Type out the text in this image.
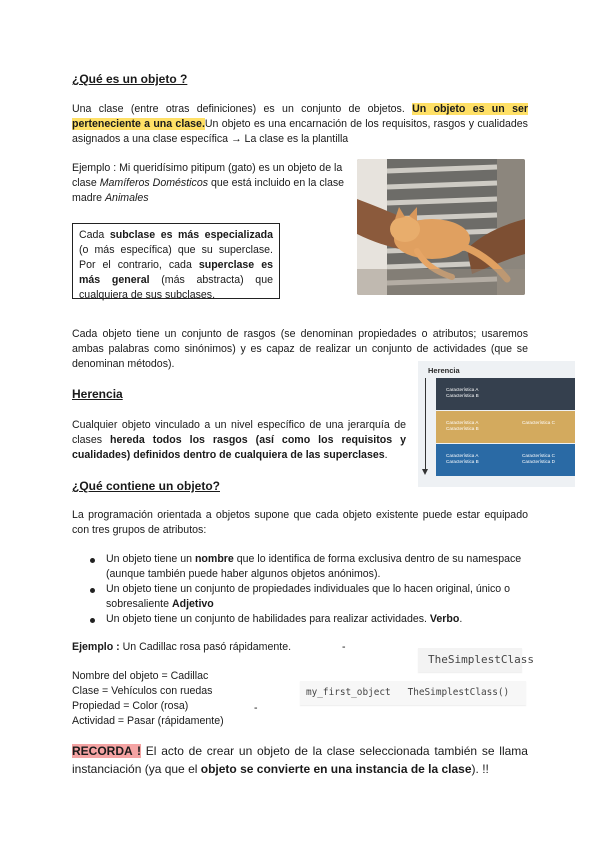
¿Qué es un objeto ?

Una clase (entre otras definiciones) es un conjunto de objetos. Un objeto es un ser perteneciente a una clase.Un objeto es una encarnación de los requisitos, rasgos y cualidades asignados a una clase específica → La clase es la plantilla

Ejemplo : Mi queridísimo pitipum (gato) es un objeto de la clase Mamíferos Domésticos que está incluido en la clase madre Animales

Cada subclase es más especializada (o más específica) que su superclase. Por el contrario, cada superclase es más general (más abstracta) que cualquiera de sus subclases.

Cada objeto tiene un conjunto de rasgos (se denominan propiedades o atributos; usaremos ambas palabras como sinónimos) y es capaz de realizar un conjunto de actividades (que se denominan métodos).

Herencia
Característica A
Característica B
Característica A
Característica B
Característica C
Característica A
Característica B
Característica C
Característica D
Herencia

Cualquier objeto vinculado a un nivel específico de una jerarquía de clases hereda todos los rasgos (así como los requisitos y cualidades) definidos dentro de cualquiera de las superclases.

¿Qué contiene un objeto?

La programación orientada a objetos supone que cada objeto existente puede estar equipado con tres grupos de atributos:

Un objeto tiene un nombre que lo identifica de forma exclusiva dentro de su namespace (aunque también puede haber algunos objetos anónimos).
Un objeto tiene un conjunto de propiedades individuales que lo hacen original, único o sobresaliente Adjetivo
Un objeto tiene un conjunto de habilidades para realizar actividades. Verbo.
Ejemplo : Un Cadillac rosa pasó rápidamente.	-
TheSimplestClass
Nombre del objeto = Cadillac
Clase = Vehículos con ruedas
Propiedad = Color (rosa)
Actividad = Pasar (rápidamente)
-
my_first_object   TheSimplestClass()

RECORDA ! El acto de crear un objeto de la clase seleccionada también se llama instanciación (ya que el objeto se convierte en una instancia de la clase). !!
